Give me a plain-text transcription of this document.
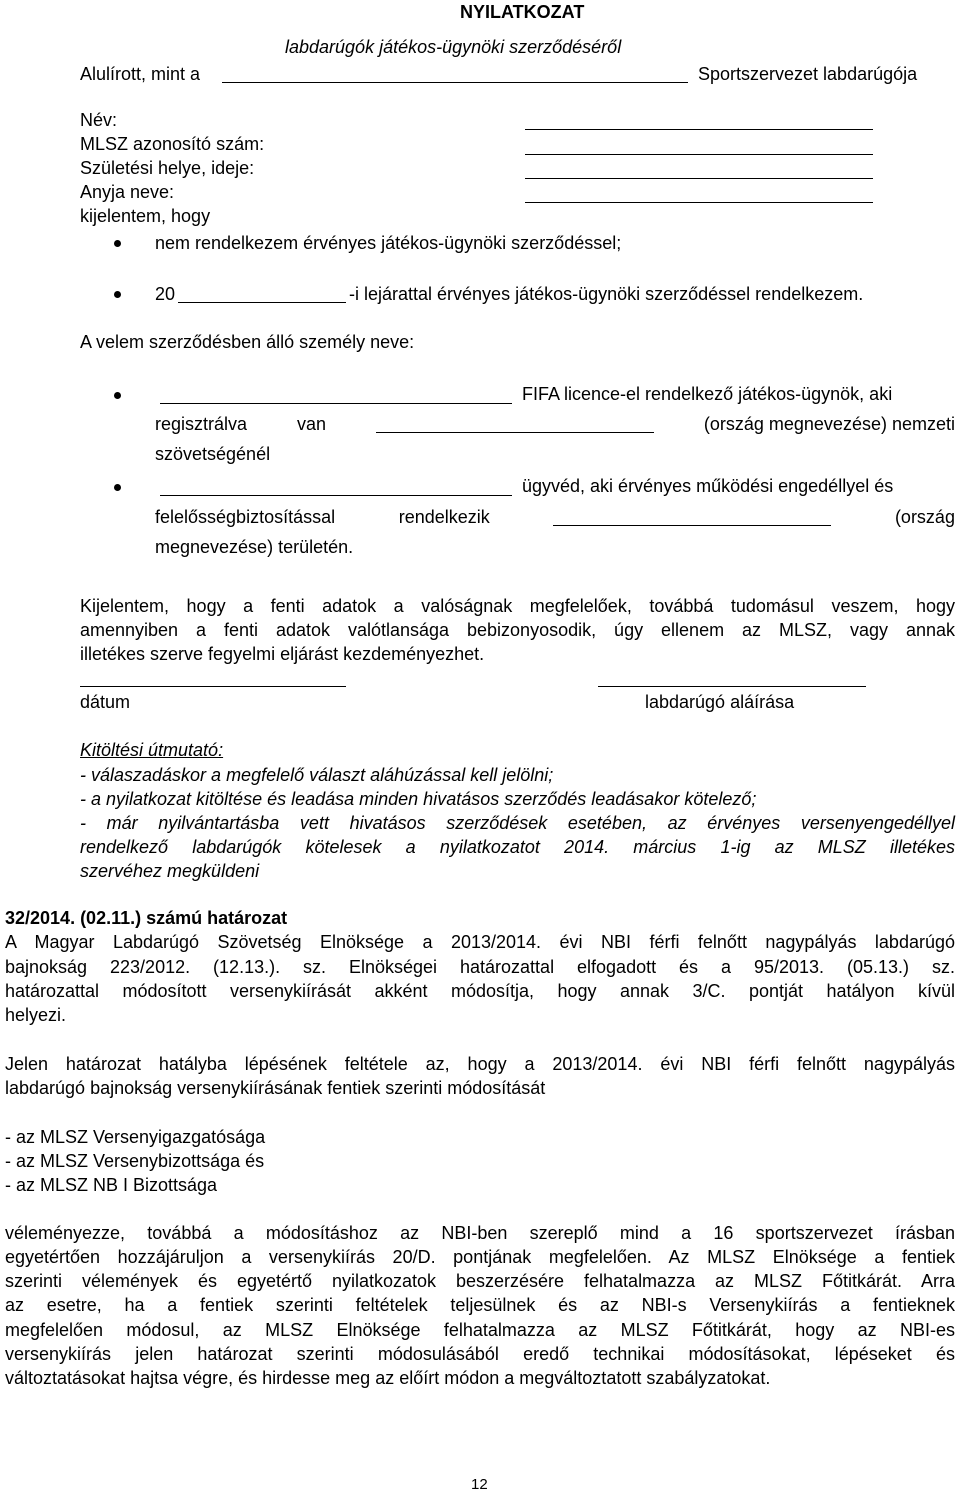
NYILATKOZAT
labdarúgók játékos-ügynöki szerződéséről
Alulírott, mint a	Sportszervezet labdarúgója
Név:
MLSZ azonosító szám:
Születési helye, ideje:
Anyja neve:
kijelentem, hogy
nem rendelkezem érvényes játékos-ügynöki szerződéssel;
20	-i lejárattal érvényes játékos-ügynöki szerződéssel rendelkezem.
A velem szerződésben álló személy neve:
FIFA licence-el rendelkező játékos-ügynök, aki
regisztrálva	van	(ország megnevezése) nemzeti
szövetségénél
ügyvéd, aki érvényes működési engedéllyel és
felelősségbiztosítással	rendelkezik	(ország
megnevezése) területén.
Kijelentem, hogy a fenti adatok a valóságnak megfelelőek, továbbá tudomásul veszem, hogy
amennyiben a fenti adatok valótlansága bebizonyosodik, úgy ellenem az MLSZ, vagy annak
illetékes szerve fegyelmi eljárást kezdeményezhet.
dátum	labdarúgó aláírása
Kitöltési útmutató:
- válaszadáskor a megfelelő választ aláhúzással kell jelölni;
- a nyilatkozat kitöltése és leadása minden hivatásos szerződés leadásakor kötelező;
- már nyilvántartásba vett hivatásos szerződések esetében, az érvényes versenyengedéllyel
rendelkező labdarúgók kötelesek a nyilatkozatot 2014. március 1-ig az MLSZ illetékes
szervéhez megküldeni
32/2014. (02.11.) számú határozat
A Magyar Labdarúgó Szövetség Elnöksége a 2013/2014. évi NBI férfi felnőtt nagypályás labdarúgó
bajnokság 223/2012. (12.13.). sz. Elnökségei határozattal elfogadott és a 95/2013. (05.13.) sz.
határozattal módosított versenykiírását akként módosítja, hogy annak 3/C. pontját hatályon kívül
helyezi.
Jelen határozat hatályba lépésének feltétele az, hogy a 2013/2014. évi NBI férfi felnőtt nagypályás
labdarúgó bajnokság versenykiírásának fentiek szerinti módosítását
- az MLSZ Versenyigazgatósága
- az MLSZ Versenybizottsága és
- az MLSZ NB I Bizottsága
véleményezze, továbbá a módosításhoz az NBI-ben szereplő mind a 16 sportszervezet írásban
egyetértően hozzájáruljon a versenykiírás 20/D. pontjának megfelelően. Az MLSZ Elnöksége a fentiek
szerinti vélemények és egyetértő nyilatkozatok beszerzésére felhatalmazza az MLSZ Főtitkárát. Arra
az esetre, ha a fentiek szerinti feltételek teljesülnek és az NBI-s Versenykiírás a fentieknek
megfelelően módosul, az MLSZ Elnöksége felhatalmazza az MLSZ Főtitkárát, hogy az NBI-es
versenykiírás jelen határozat szerinti módosulásából eredő technikai módosításokat, lépéseket és
változtatásokat hajtsa végre, és hirdesse meg az előírt módon a megváltoztatott szabályzatokat.
12
